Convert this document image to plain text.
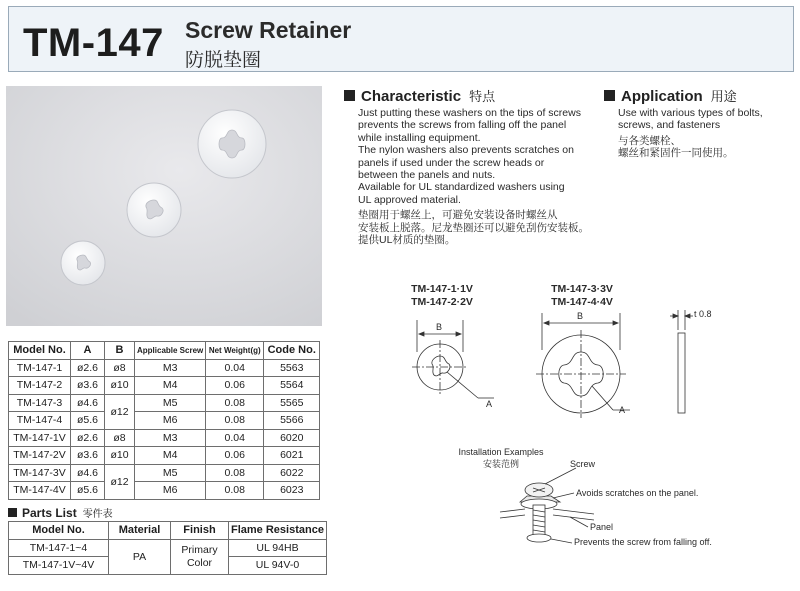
TM-147 Screw Retainer
防脱垫圈
Characteristic 特点
Just putting these washers on the tips of screws
prevents the screws from falling off the panel
while installing equipment.
The nylon washers also prevents scratches on
panels if used under the screw heads or
between the panels and nuts.
Available for UL standardized washers using
UL approved material.
垫圈用于螺丝上，可避免安装设备时螺丝从
安装板上脱落。尼龙垫圈还可以避免刮伤安装板。
提供UL材质的垫圈。
Application 用途
Use with various types of bolts,
screws, and fasteners
与各类螺栓、
螺丝和紧固件一同使用。
Model No.	A	B	Applicable Screw	Net Weight(g)	Code No.
TM-147-1	ø2.6	ø8	M3	0.04	5563
TM-147-2	ø3.6	ø10	M4	0.06	5564
TM-147-3	ø4.6	ø12	M5	0.08	5565
TM-147-4	ø5.6		M6	0.08	5566
TM-147-1V	ø2.6	ø8	M3	0.04	6020
TM-147-2V	ø3.6	ø10	M4	0.06	6021
TM-147-3V	ø4.6	ø12	M5	0.08	6022
TM-147-4V	ø5.6		M6	0.08	6023
Parts List 零件表
Model No.	Material	Finish	Flame Resistance
TM-147-1~4	PA	Primary Color	UL 94HB
TM-147-1V~4V			UL 94V-0
TM-147-1·1V
TM-147-2·2V
TM-147-3·3V
TM-147-4·4V
B
B
A
A
t 0.8
Installation Examples
安装范例	Screw
Avoids scratches on the panel.
Panel
Prevents the screw from falling off.
